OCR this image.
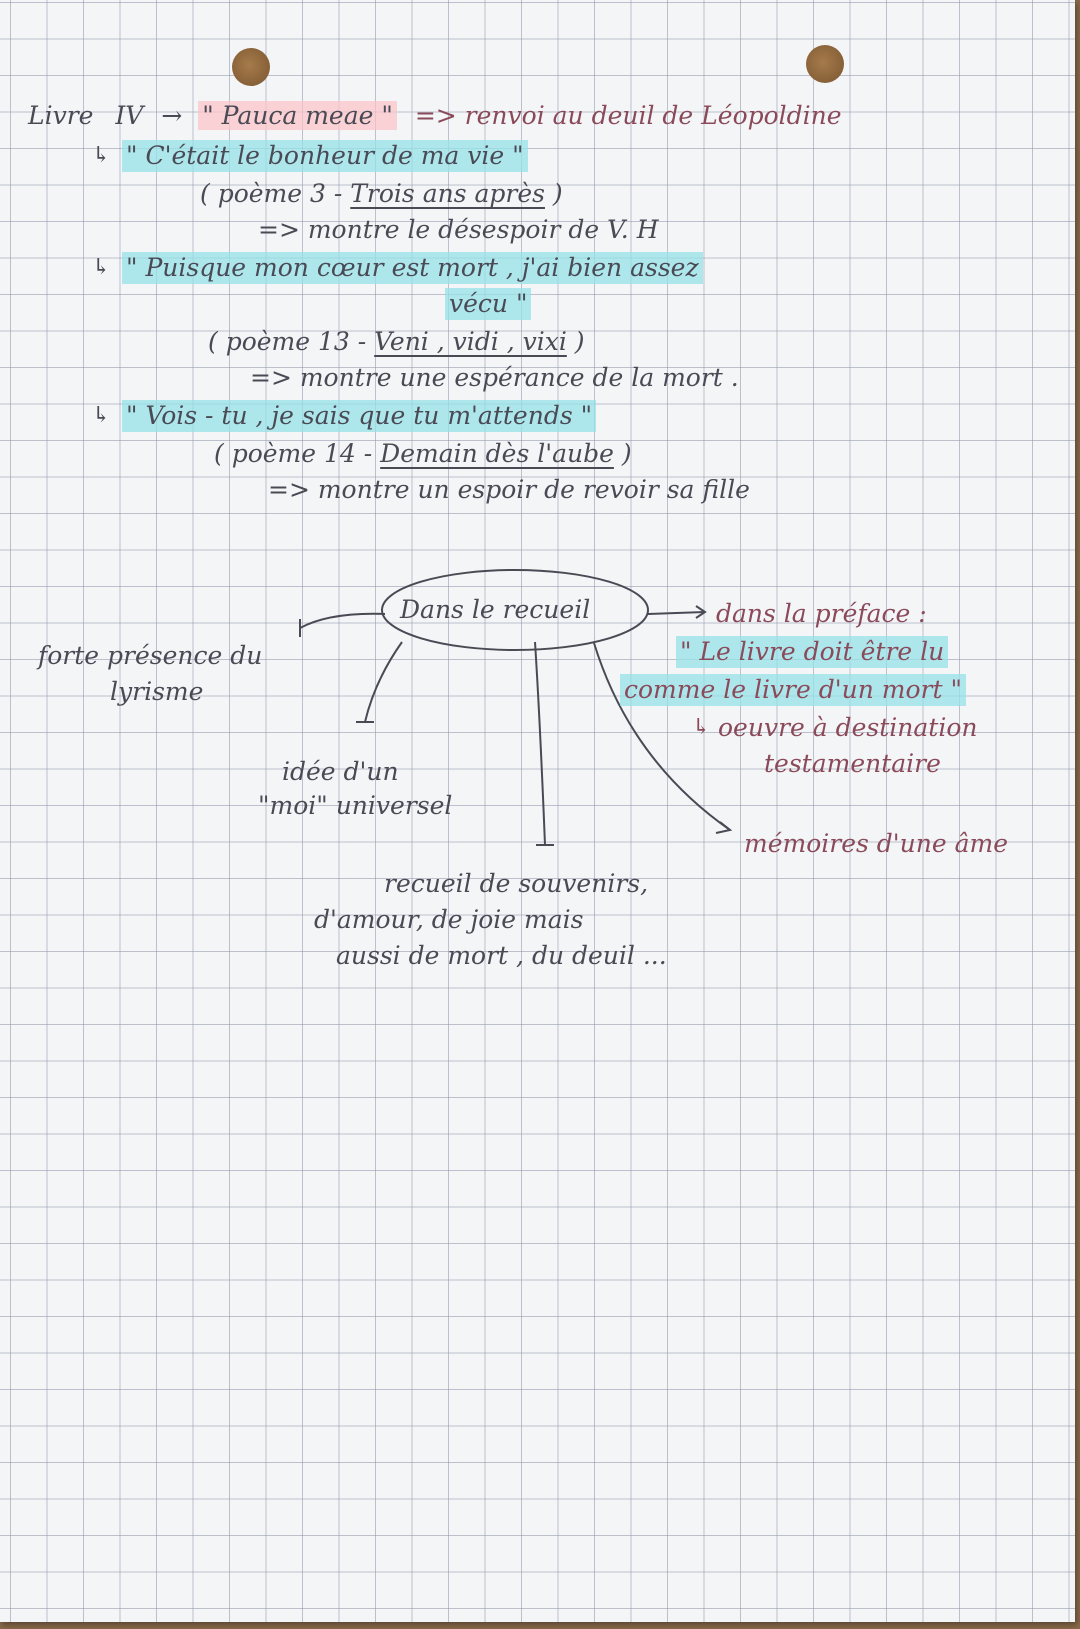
Livre IV → " Pauca meae " => renvoi au deuil de Léopoldine
↳ " C'était le bonheur de ma vie "
( poème 3 - Trois ans après )
=> montre le désespoir de V. H
↳ " Puisque mon cœur est mort , j'ai bien assez
vécu "
( poème 13 - Veni , vidi , vixi )
=> montre une espérance de la mort .
↳ " Vois - tu , je sais que tu m'attends "
( poème 14 - Demain dès l'aube )
=> montre un espoir de revoir sa fille
Dans le recueil
forte présence du
lyrisme
idée d'un
"moi" universel
recueil de souvenirs,
d'amour, de joie mais
aussi de mort , du deuil ...
mémoires d'une âme
dans la préface :
" Le livre doit être lu
comme le livre d'un mort "
↳ oeuvre à destination
testamentaire
